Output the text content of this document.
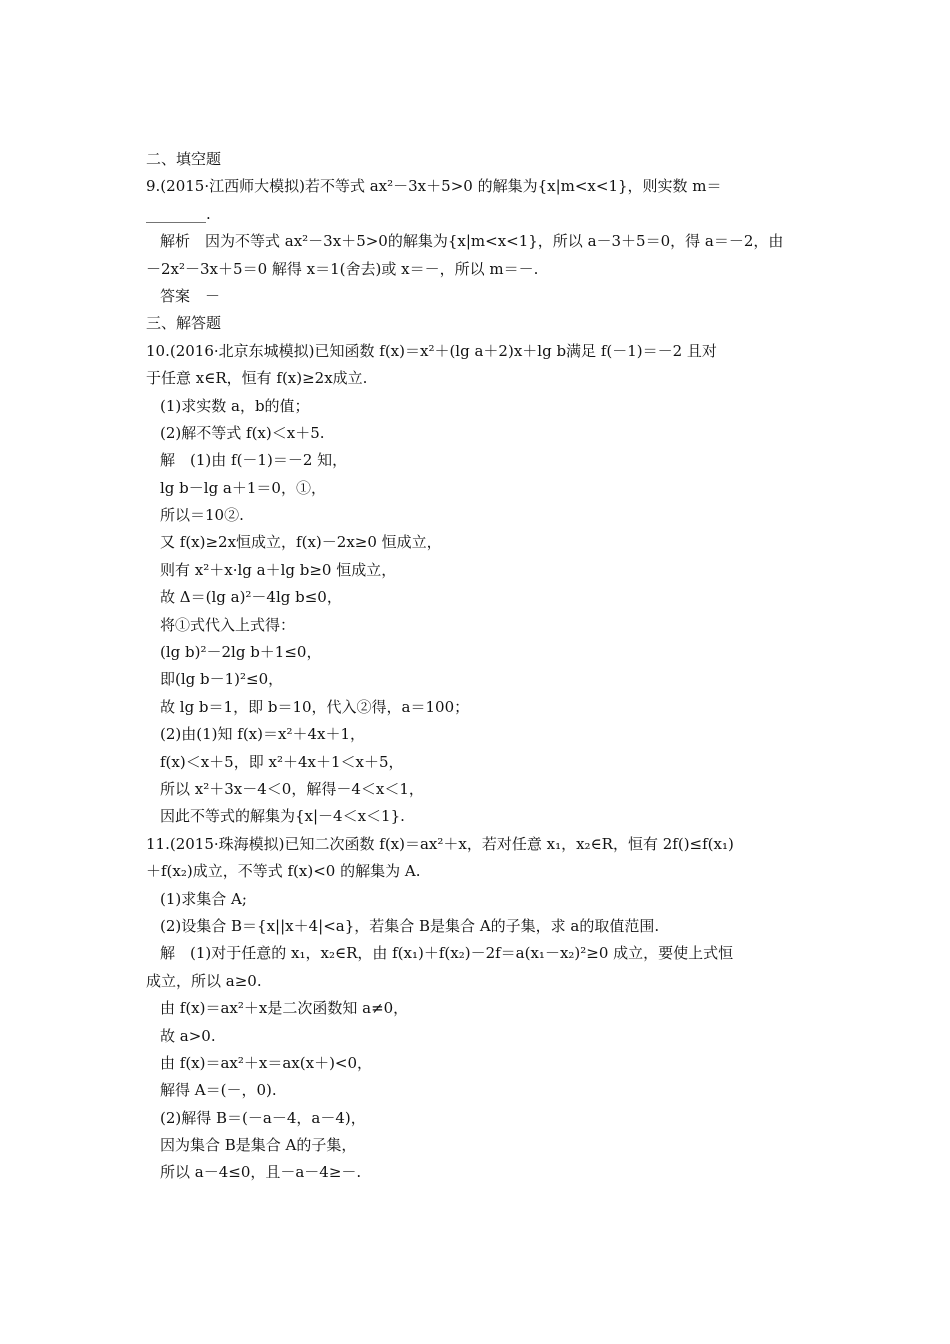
二、填空题
9.(2015·江西师大模拟)若不等式 ax²－3x＋5>0 的解集为{x|m<x<1}，则实数 m＝
________.
解析　因为不等式 ax²－3x＋5>0的解集为{x|m<x<1}，所以 a－3＋5＝0，得 a＝－2，由
－2x²－3x＋5＝0 解得 x＝1(舍去)或 x＝－，所以 m＝－.
答案　－
三、解答题
10.(2016·北京东城模拟)已知函数 f(x)＝x²＋(lg a＋2)x＋lg b满足 f(－1)＝－2 且对
于任意 x∈R，恒有 f(x)≥2x成立.
(1)求实数 a，b的值；
(2)解不等式 f(x)＜x＋5.
解　(1)由 f(－1)＝－2 知，
lg b－lg a＋1＝0，①，
所以＝10②.
又 f(x)≥2x恒成立，f(x)－2x≥0 恒成立，
则有 x²＋x·lg a＋lg b≥0 恒成立，
故 Δ＝(lg a)²－4lg b≤0，
将①式代入上式得：
(lg b)²－2lg b＋1≤0，
即(lg b－1)²≤0，
故 lg b＝1，即 b＝10，代入②得，a＝100；
(2)由(1)知 f(x)＝x²＋4x＋1，
f(x)＜x＋5，即 x²＋4x＋1＜x＋5，
所以 x²＋3x－4＜0，解得－4＜x＜1，
因此不等式的解集为{x|－4＜x＜1}.
11.(2015·珠海模拟)已知二次函数 f(x)＝ax²＋x，若对任意 x₁，x₂∈R，恒有 2f()≤f(x₁)
＋f(x₂)成立，不等式 f(x)<0 的解集为 A.
(1)求集合 A;
(2)设集合 B＝{x||x＋4|<a}，若集合 B是集合 A的子集，求 a的取值范围.
解　(1)对于任意的 x₁，x₂∈R，由 f(x₁)＋f(x₂)－2f＝a(x₁－x₂)²≥0 成立，要使上式恒
成立，所以 a≥0.
由 f(x)＝ax²＋x是二次函数知 a≠0，
故 a>0.
由 f(x)＝ax²＋x＝ax(x＋)<0，
解得 A＝(－，0).
(2)解得 B＝(－a－4，a－4)，
因为集合 B是集合 A的子集，
所以 a－4≤0，且－a－4≥－.
